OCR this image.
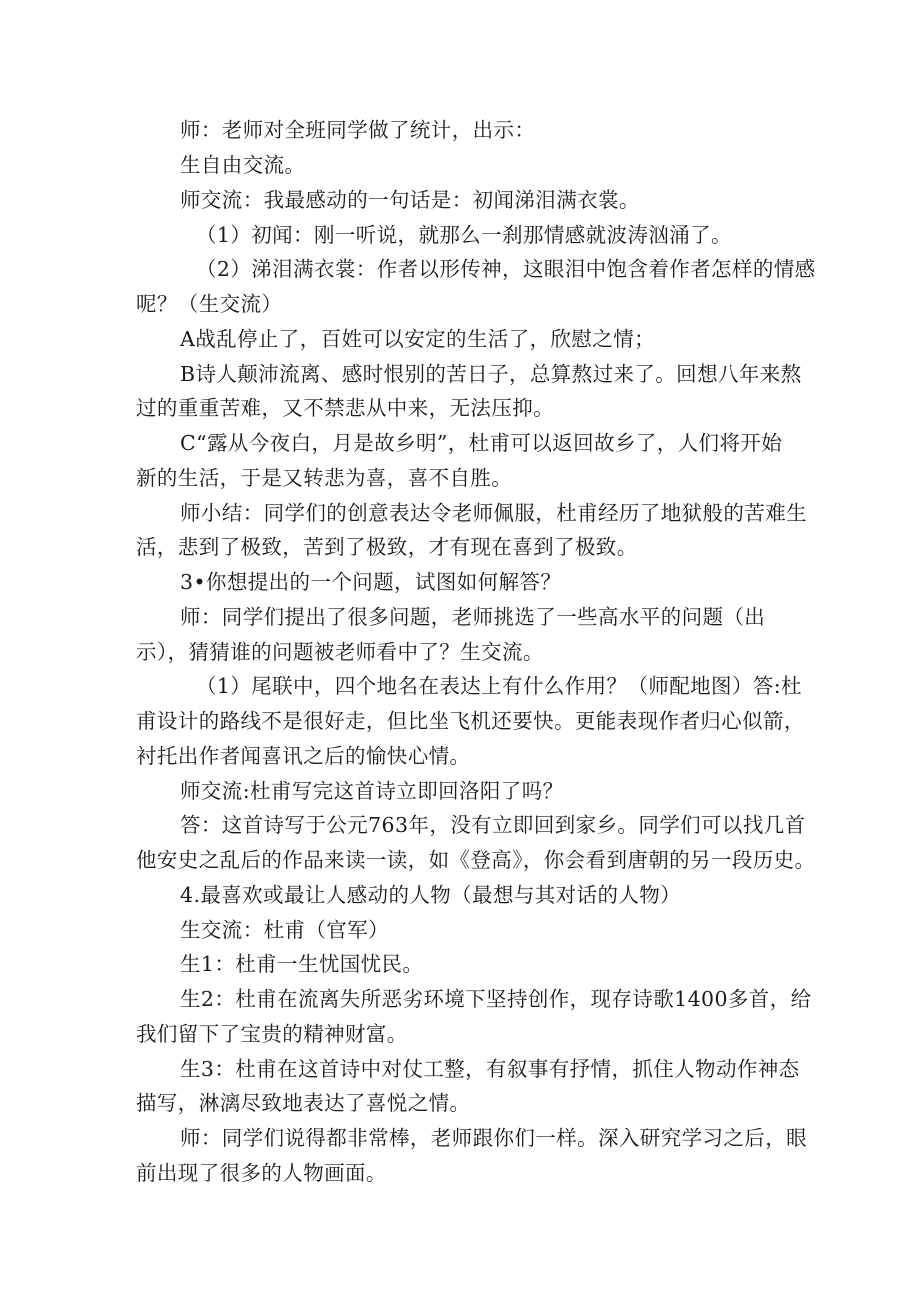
师：老师对全班同学做了统计，出示：
生自由交流。
师交流：我最感动的一句话是：初闻涕泪满衣裳。
（1）初闻：刚一听说，就那么一刹那情感就波涛汹涌了。
（2）涕泪满衣裳：作者以形传神，这眼泪中饱含着作者怎样的情感
呢？（生交流）
A战乱停止了，百姓可以安定的生活了，欣慰之情；
B诗人颠沛流离、感时恨别的苦日子，总算熬过来了。回想八年来熬
过的重重苦难，又不禁悲从中来，无法压抑。
C“露从今夜白，月是故乡明”，杜甫可以返回故乡了，人们将开始
新的生活，于是又转悲为喜，喜不自胜。
师小结：同学们的创意表达令老师佩服，杜甫经历了地狱般的苦难生
活，悲到了极致，苦到了极致，才有现在喜到了极致。
3•你想提出的一个问题，试图如何解答？
师：同学们提出了很多问题，老师挑选了一些高水平的问题（出
示），猜猜谁的问题被老师看中了？生交流。
（1）尾联中，四个地名在表达上有什么作用？（师配地图）答:杜
甫设计的路线不是很好走，但比坐飞机还要快。更能表现作者归心似箭，
衬托出作者闻喜讯之后的愉快心情。
师交流:杜甫写完这首诗立即回洛阳了吗？
答：这首诗写于公元763年，没有立即回到家乡。同学们可以找几首
他安史之乱后的作品来读一读，如《登高》，你会看到唐朝的另一段历史。
4.最喜欢或最让人感动的人物（最想与其对话的人物）
生交流：杜甫（官军）
生1：杜甫一生忧国忧民。
生2：杜甫在流离失所恶劣环境下坚持创作，现存诗歌1400多首，给
我们留下了宝贵的精神财富。
生3：杜甫在这首诗中对仗工整，有叙事有抒情，抓住人物动作神态
描写，淋漓尽致地表达了喜悦之情。
师：同学们说得都非常棒，老师跟你们一样。深入研究学习之后，眼
前出现了很多的人物画面。
